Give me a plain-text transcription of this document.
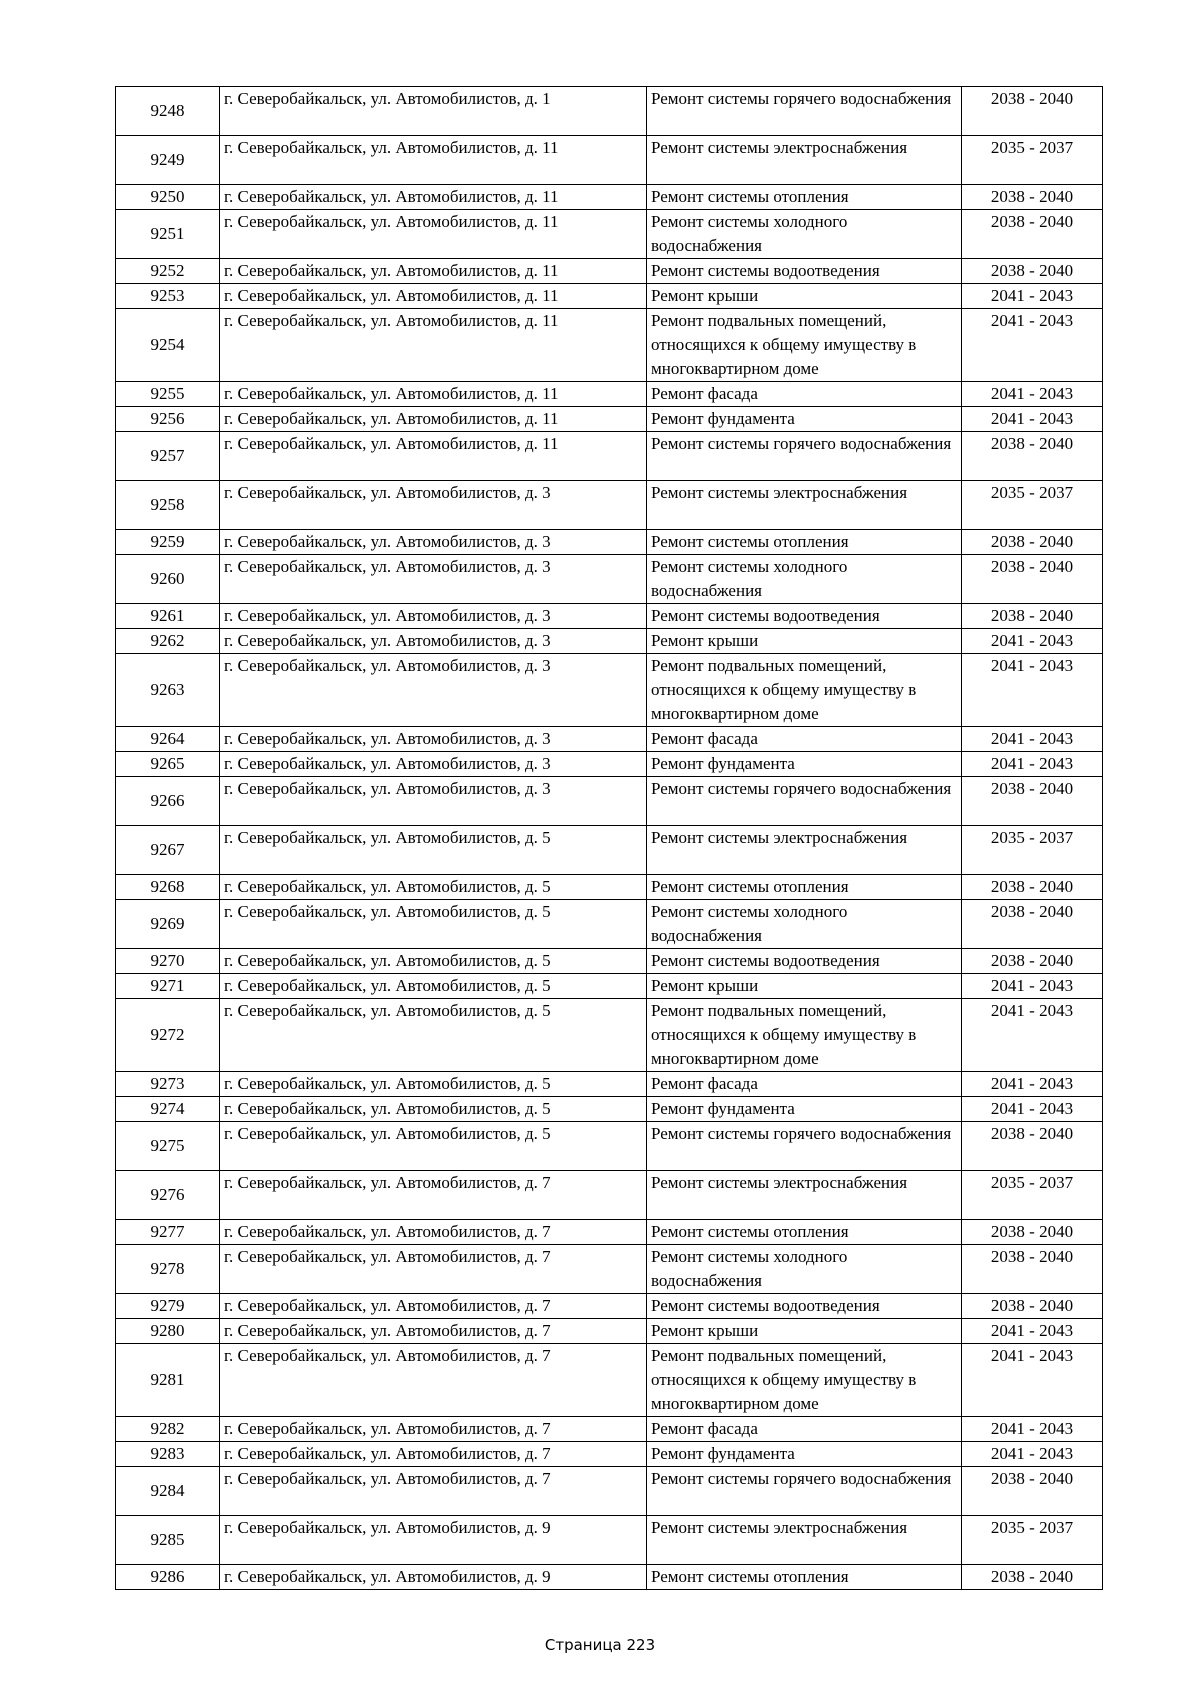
9248	г. Северобайкальск, ул. Автомобилистов, д. 1	Ремонт системы горячего водоснабжения	2038 - 2040
9249	г. Северобайкальск, ул. Автомобилистов, д. 11	Ремонт системы электроснабжения	2035 - 2037
9250	г. Северобайкальск, ул. Автомобилистов, д. 11	Ремонт системы отопления	2038 - 2040
9251	г. Северобайкальск, ул. Автомобилистов, д. 11	Ремонт системы холодного водоснабжения	2038 - 2040
9252	г. Северобайкальск, ул. Автомобилистов, д. 11	Ремонт системы водоотведения	2038 - 2040
9253	г. Северобайкальск, ул. Автомобилистов, д. 11	Ремонт крыши	2041 - 2043
9254	г. Северобайкальск, ул. Автомобилистов, д. 11	Ремонт подвальных помещений, относящихся к общему имуществу в многоквартирном доме	2041 - 2043
9255	г. Северобайкальск, ул. Автомобилистов, д. 11	Ремонт фасада	2041 - 2043
9256	г. Северобайкальск, ул. Автомобилистов, д. 11	Ремонт фундамента	2041 - 2043
9257	г. Северобайкальск, ул. Автомобилистов, д. 11	Ремонт системы горячего водоснабжения	2038 - 2040
9258	г. Северобайкальск, ул. Автомобилистов, д. 3	Ремонт системы электроснабжения	2035 - 2037
9259	г. Северобайкальск, ул. Автомобилистов, д. 3	Ремонт системы отопления	2038 - 2040
9260	г. Северобайкальск, ул. Автомобилистов, д. 3	Ремонт системы холодного водоснабжения	2038 - 2040
9261	г. Северобайкальск, ул. Автомобилистов, д. 3	Ремонт системы водоотведения	2038 - 2040
9262	г. Северобайкальск, ул. Автомобилистов, д. 3	Ремонт крыши	2041 - 2043
9263	г. Северобайкальск, ул. Автомобилистов, д. 3	Ремонт подвальных помещений, относящихся к общему имуществу в многоквартирном доме	2041 - 2043
9264	г. Северобайкальск, ул. Автомобилистов, д. 3	Ремонт фасада	2041 - 2043
9265	г. Северобайкальск, ул. Автомобилистов, д. 3	Ремонт фундамента	2041 - 2043
9266	г. Северобайкальск, ул. Автомобилистов, д. 3	Ремонт системы горячего водоснабжения	2038 - 2040
9267	г. Северобайкальск, ул. Автомобилистов, д. 5	Ремонт системы электроснабжения	2035 - 2037
9268	г. Северобайкальск, ул. Автомобилистов, д. 5	Ремонт системы отопления	2038 - 2040
9269	г. Северобайкальск, ул. Автомобилистов, д. 5	Ремонт системы холодного водоснабжения	2038 - 2040
9270	г. Северобайкальск, ул. Автомобилистов, д. 5	Ремонт системы водоотведения	2038 - 2040
9271	г. Северобайкальск, ул. Автомобилистов, д. 5	Ремонт крыши	2041 - 2043
9272	г. Северобайкальск, ул. Автомобилистов, д. 5	Ремонт подвальных помещений, относящихся к общему имуществу в многоквартирном доме	2041 - 2043
9273	г. Северобайкальск, ул. Автомобилистов, д. 5	Ремонт фасада	2041 - 2043
9274	г. Северобайкальск, ул. Автомобилистов, д. 5	Ремонт фундамента	2041 - 2043
9275	г. Северобайкальск, ул. Автомобилистов, д. 5	Ремонт системы горячего водоснабжения	2038 - 2040
9276	г. Северобайкальск, ул. Автомобилистов, д. 7	Ремонт системы электроснабжения	2035 - 2037
9277	г. Северобайкальск, ул. Автомобилистов, д. 7	Ремонт системы отопления	2038 - 2040
9278	г. Северобайкальск, ул. Автомобилистов, д. 7	Ремонт системы холодного водоснабжения	2038 - 2040
9279	г. Северобайкальск, ул. Автомобилистов, д. 7	Ремонт системы водоотведения	2038 - 2040
9280	г. Северобайкальск, ул. Автомобилистов, д. 7	Ремонт крыши	2041 - 2043
9281	г. Северобайкальск, ул. Автомобилистов, д. 7	Ремонт подвальных помещений, относящихся к общему имуществу в многоквартирном доме	2041 - 2043
9282	г. Северобайкальск, ул. Автомобилистов, д. 7	Ремонт фасада	2041 - 2043
9283	г. Северобайкальск, ул. Автомобилистов, д. 7	Ремонт фундамента	2041 - 2043
9284	г. Северобайкальск, ул. Автомобилистов, д. 7	Ремонт системы горячего водоснабжения	2038 - 2040
9285	г. Северобайкальск, ул. Автомобилистов, д. 9	Ремонт системы электроснабжения	2035 - 2037
9286	г. Северобайкальск, ул. Автомобилистов, д. 9	Ремонт системы отопления	2038 - 2040
Страница 223
